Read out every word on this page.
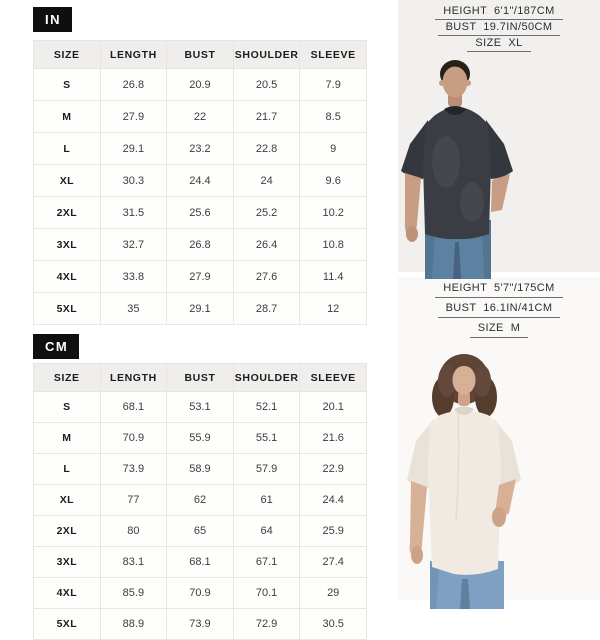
IN
SIZE	LENGTH	BUST	SHOULDER	SLEEVE
S	26.8	20.9	20.5	7.9
M	27.9	22	21.7	8.5
L	29.1	23.2	22.8	9
XL	30.3	24.4	24	9.6
2XL	31.5	25.6	25.2	10.2
3XL	32.7	26.8	26.4	10.8
4XL	33.8	27.9	27.6	11.4
5XL	35	29.1	28.7	12
CM
SIZE	LENGTH	BUST	SHOULDER	SLEEVE
S	68.1	53.1	52.1	20.1
M	70.9	55.9	55.1	21.6
L	73.9	58.9	57.9	22.9
XL	77	62	61	24.4
2XL	80	65	64	25.9
3XL	83.1	68.1	67.1	27.4
4XL	85.9	70.9	70.1	29
5XL	88.9	73.9	72.9	30.5
HEIGHT  6'1"/187CM
BUST  19.7IN/50CM
SIZE  XL
HEIGHT  5'7"/175CM
BUST  16.1IN/41CM
SIZE  M
